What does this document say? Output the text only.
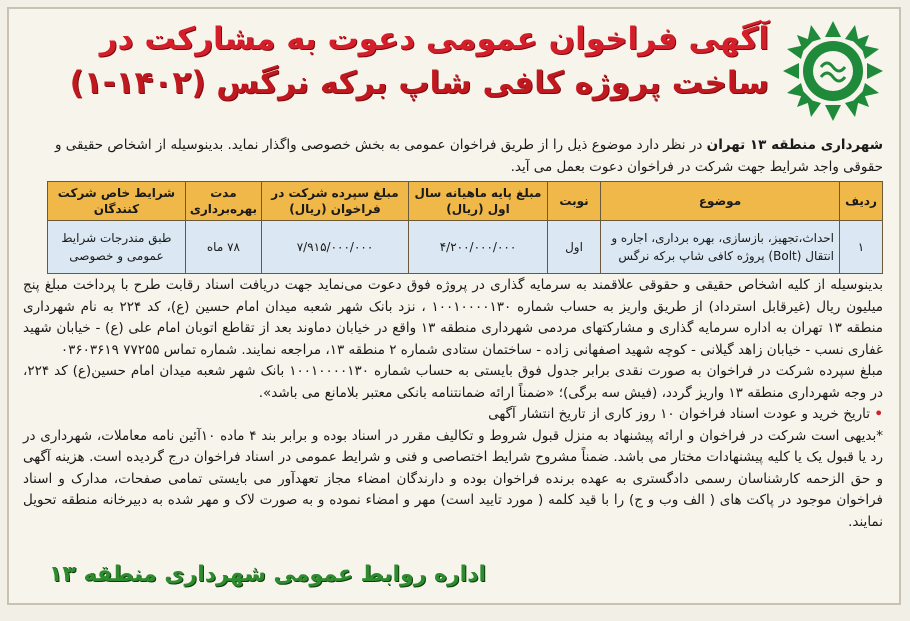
آگهی فراخوان عمومی دعوت به مشارکت در
ساخت پروژه کافی شاپ برکه نرگس (۱۴۰۲-۱)
شهرداری منطقه ۱۳ تهران در نظر دارد موضوع ذیل را از طریق فراخوان عمومی به بخش خصوصی واگذار نماید. بدینوسیله از اشخاص حقیقی و حقوقی واجد شرایط جهت شرکت در فراخوان دعوت بعمل می آید.
ردیف	موضوع	نوبت	مبلغ پایه ماهیانه سال اول (ریال)	مبلغ سپرده شرکت در فراخوان (ریال)	مدت بهره‌برداری	شرایط خاص شرکت کنندگان
۱	احداث،تجهیز، بازسازی، بهره برداری، اجاره و انتقال (Bolt) پروژه کافی شاپ برکه نرگس	اول	۴/۲۰۰/۰۰۰/۰۰۰	۷/۹۱۵/۰۰۰/۰۰۰	۷۸ ماه	طبق مندرجات شرایط عمومی و خصوصی

بدینوسیله از کلیه اشخاص حقیقی و حقوقی علاقمند به سرمایه گذاری در پروژه فوق دعوت می‌نماید جهت دریافت اسناد رقابت طرح با پرداخت مبلغ پنج میلیون ریال (غیرقابل استرداد) از طریق واریز به حساب شماره ۱۰۰۱۰۰۰۰۱۳۰ ، نزد بانک شهر شعبه میدان امام حسین (ع)، کد ۲۲۴ به نام شهرداری منطقه ۱۳ تهران به اداره سرمایه گذاری و مشارکتهای مردمی شهرداری منطقه ۱۳ واقع در خیابان دماوند بعد از تقاطع اتوبان امام علی (ع) - خیابان شهید غفاری نسب - خیابان زاهد گیلانی - کوچه شهید اصفهانی زاده - ساختمان ستادی شماره ۲ منطقه ۱۳، مراجعه نمایند. شماره تماس ۷۷۲۵۵ ۰۳۶۰۳۶۱۹

مبلغ سپرده شرکت در فراخوان به صورت نقدی برابر جدول فوق بایستی به حساب شماره ۱۰۰۱۰۰۰۰۱۳۰ بانک شهر شعبه میدان امام حسین(ع) کد ۲۲۴، در وجه شهرداری منطقه ۱۳ واریز گردد، (فیش سه برگی)؛ «ضمناً ارائه ضمانتنامه بانکی معتبر بلامانع می باشد».

• تاریخ خرید و عودت اسناد فراخوان ۱۰ روز کاری از تاریخ انتشار آگهی

*بدیهی است شرکت در فراخوان و ارائه پیشنهاد به منزل قبول شروط و تکالیف مقرر در اسناد بوده و برابر بند ۴ ماده ۱۰آئین نامه معاملات، شهرداری در رد یا قبول یک یا کلیه پیشنهادات مختار می باشد. ضمناً مشروح شرایط اختصاصی و فنی و شرایط عمومی در اسناد فراخوان درج گردیده است. هزینه آگهی و حق الزحمه کارشناسان رسمی دادگستری به عهده برنده فراخوان بوده و دارندگان امضاء مجاز تعهدآور می بایستی تمامی صفحات، مدارک و اسناد فراخوان موجود در پاکت های ( الف وب و ج) را با قید کلمه ( مورد تایید است) مهر و امضاء نموده و به صورت لاک و مهر شده به دبیرخانه منطقه تحویل نمایند.

اداره روابط عمومی شهرداری منطقه ۱۳
